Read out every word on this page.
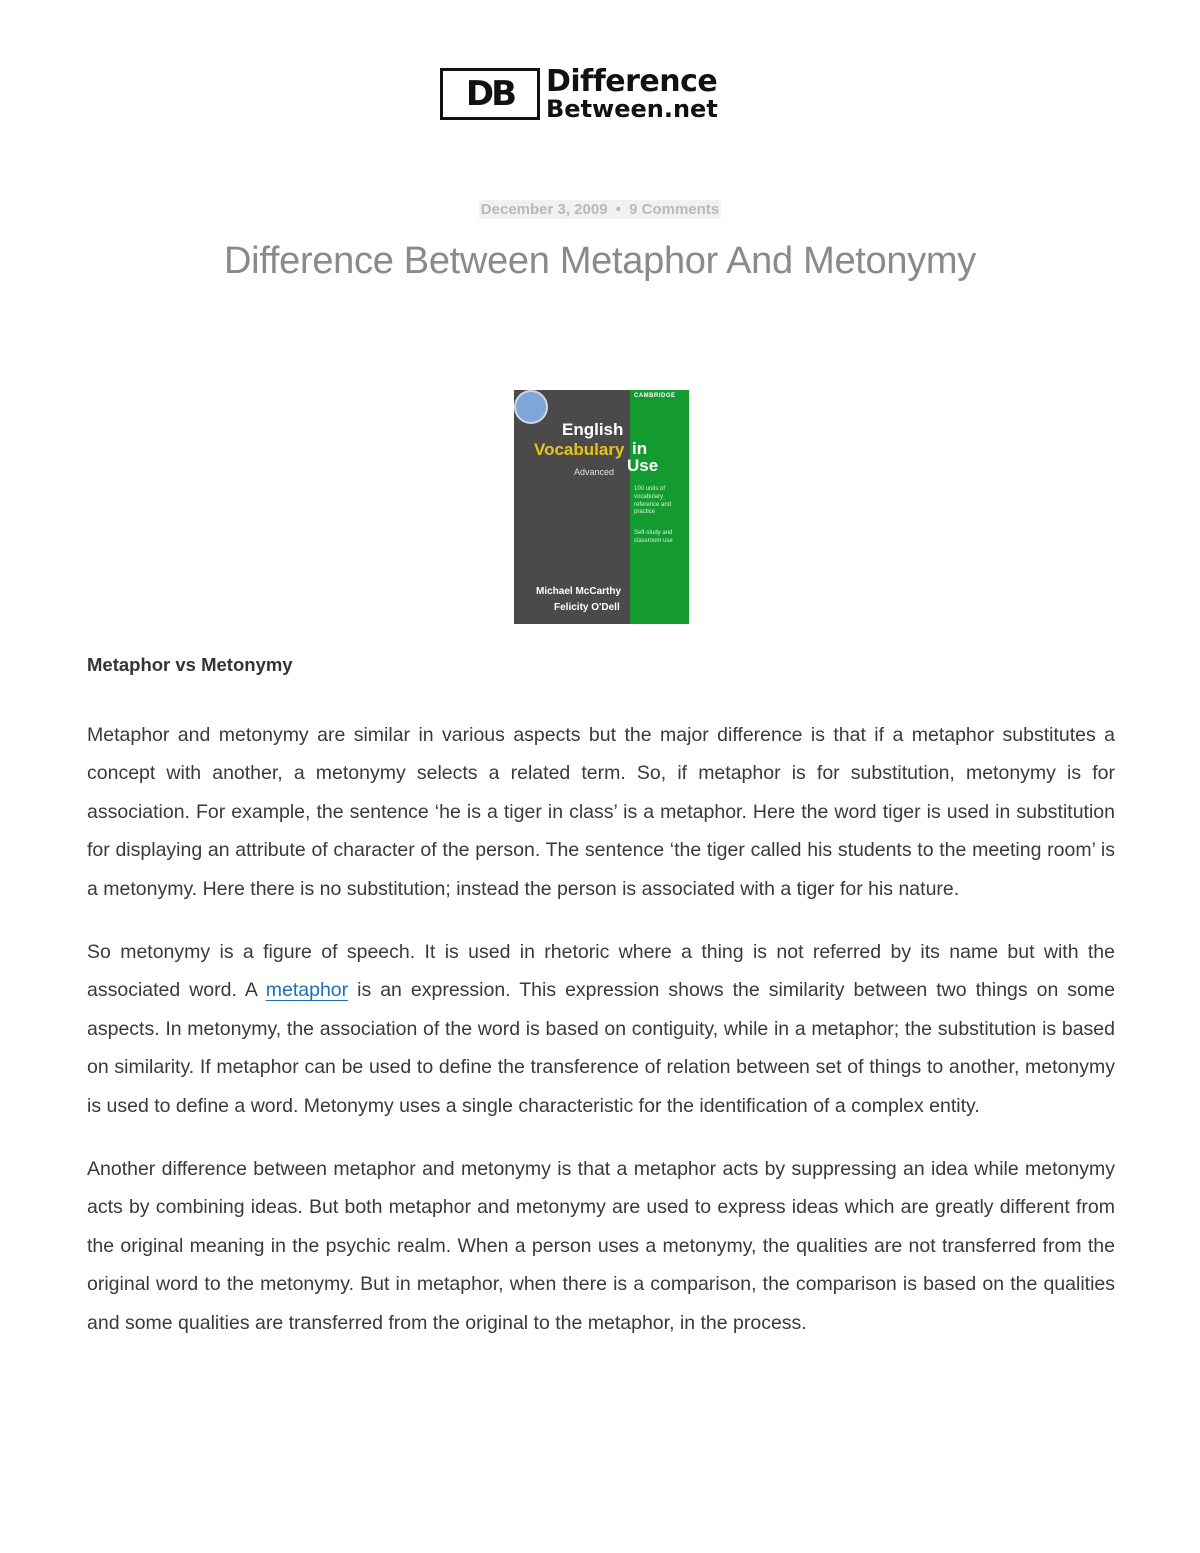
DB	Difference
Between.net
December 3, 2009 • 9 Comments
Difference Between Metaphor And Metonymy
English
Vocabulary
Advanced
Michael McCarthy
Felicity O'Dell
CAMBRIDGE
in
Use
100 units of vocabulary reference and practice
Self-study and classroom use
Metaphor vs Metonymy

Metaphor and metonymy are similar in various aspects but the major difference is that if a metaphor substitutes a concept with another, a metonymy selects a related term. So, if metaphor is for substitution, metonymy is for association. For example, the sentence ‘he is a tiger in class’ is a metaphor. Here the word tiger is used in substitution for displaying an attribute of character of the person. The sentence ‘the tiger called his students to the meeting room’ is a metonymy. Here there is no substitution; instead the person is associated with a tiger for his nature.

So metonymy is a figure of speech. It is used in rhetoric where a thing is not referred by its name but with the associated word. A metaphor is an expression. This expression shows the similarity between two things on some aspects. In metonymy, the association of the word is based on contiguity, while in a metaphor; the substitution is based on similarity. If metaphor can be used to define the transference of relation between set of things to another, metonymy is used to define a word. Metonymy uses a single characteristic for the identification of a complex entity.

Another difference between metaphor and metonymy is that a metaphor acts by suppressing an idea while metonymy acts by combining ideas. But both metaphor and metonymy are used to express ideas which are greatly different from the original meaning in the psychic realm. When a person uses a metonymy, the qualities are not transferred from the original word to the metonymy. But in metaphor, when there is a comparison, the comparison is based on the qualities and some qualities are transferred from the original to the metaphor, in the process.
